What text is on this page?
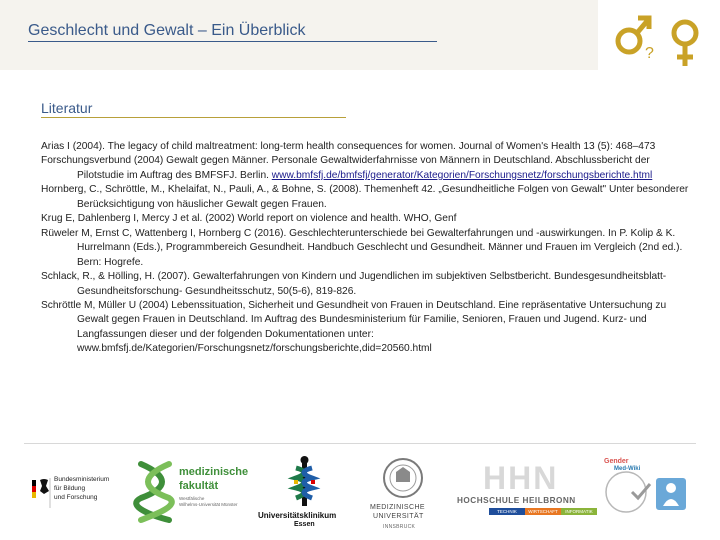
Geschlecht und Gewalt – Ein Überblick
?
Literatur

Arias I (2004). The legacy of child maltreatment: long-term health consequences for women. Journal of Women's Health 13 (5): 468–473

Forschungsverbund (2004) Gewalt gegen Männer. Personale Gewaltwiderfahrnisse von Männern in Deutschland. Abschlussbericht der Pilotstudie im Auftrag des BMFSFJ. Berlin. www.bmfsfj.de/bmfsfj/generator/Kategorien/Forschungsnetz/forschungsberichte.html

Hornberg, C., Schröttle, M., Khelaifat, N., Pauli, A., & Bohne, S. (2008). Themenheft 42. „Gesundheitliche Folgen von Gewalt" Unter besonderer Berücksichtigung von häuslicher Gewalt gegen Frauen.

Krug E, Dahlenberg I, Mercy J et al. (2002) World report on violence and health. WHO, Genf

Rüweler M, Ernst C, Wattenberg I, Hornberg C (2016). Geschlechterunterschiede bei Gewalterfahrungen und -auswirkungen. In P. Kolip & K. Hurrelmann (Eds.), Programmbereich Gesundheit. Handbuch Geschlecht und Gesundheit. Männer und Frauen im Vergleich (2nd ed.). Bern: Hogrefe.

Schlack, R., & Hölling, H. (2007). Gewalterfahrungen von Kindern und Jugendlichen im subjektiven Selbstbericht. Bundesgesundheitsblatt-Gesundheitsforschung- Gesundheitsschutz, 50(5-6), 819-826.

Schröttle M, Müller U (2004) Lebenssituation, Sicherheit und Gesundheit von Frauen in Deutschland. Eine repräsentative Untersuchung zu Gewalt gegen Frauen in Deutschland. Im Auftrag des Bundesministerium für Familie, Senioren, Frauen und Jugend. Kurz- und Langfassungen dieser und der folgenden Dokumentationen unter: www.bmfsfj.de/Kategorien/Forschungsnetz/forschungsberichte,did=20560.html

Bundesministerium
für Bildung
und Forschung
medizinische
fakultät
Westfälische
Wilhelms-Universität Münster
Universitätsklinikum
Essen
MEDIZINISCHE
UNIVERSITÄT
INNSBRUCK
HHN
HOCHSCHULE HEILBRONN
TECHNIK	WIRTSCHAFT	INFORMATIK
Gender
Med-Wiki
